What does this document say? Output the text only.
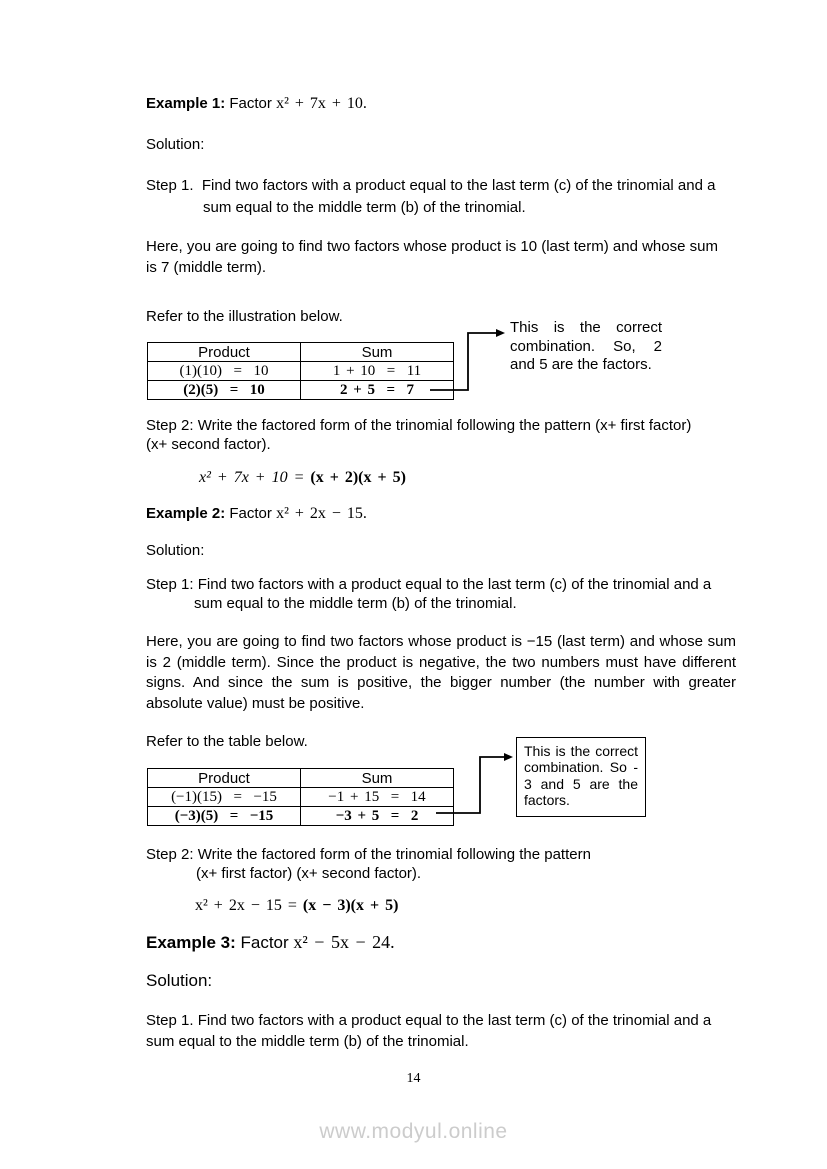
Example 1: Factor x² + 7x + 10.
Solution:
Step 1.  Find two factors with a product equal to the last term (c) of the trinomial and a
sum equal to the middle term (b) of the trinomial.
Here, you are going to find two factors whose product is 10 (last term) and whose sum
is 7 (middle term).
Refer to the illustration below.
Product	Sum
(1)(10)  =  10	1 + 10  =  11
(2)(5)  =  10	2 + 5  =  7
This is the correct
combination. So, 2
and 5 are the factors.
Step 2: Write the factored form of the trinomial following the pattern (x+ first factor)
(x+ second factor).
x² + 7x + 10 = (x + 2)(x + 5)
Example 2: Factor x² + 2x − 15.
Solution:
Step 1: Find two factors with a product equal to the last term (c) of the trinomial and a
sum equal to the middle term (b) of the trinomial.
Here, you are going to find two factors whose product is −15 (last term) and whose sum
is 2 (middle term). Since the product is negative, the two numbers must have different
signs. And since the sum is positive, the bigger number (the number with greater
absolute value) must be positive.
Refer to the table below.
Product	Sum
(−1)(15)  =  −15	−1 + 15  =  14
(−3)(5)  =  −15	−3 + 5  =  2
This is the correct
combination. So -
3 and 5 are the
factors.
Step 2: Write the factored form of the trinomial following the pattern
(x+ first factor) (x+ second factor).
x² + 2x − 15 = (x − 3)(x + 5)
Example 3: Factor x² − 5x − 24.
Solution:
Step 1. Find two factors with a product equal to the last term (c) of the trinomial and a
sum equal to the middle term (b) of the trinomial.
14
www.modyul.online
